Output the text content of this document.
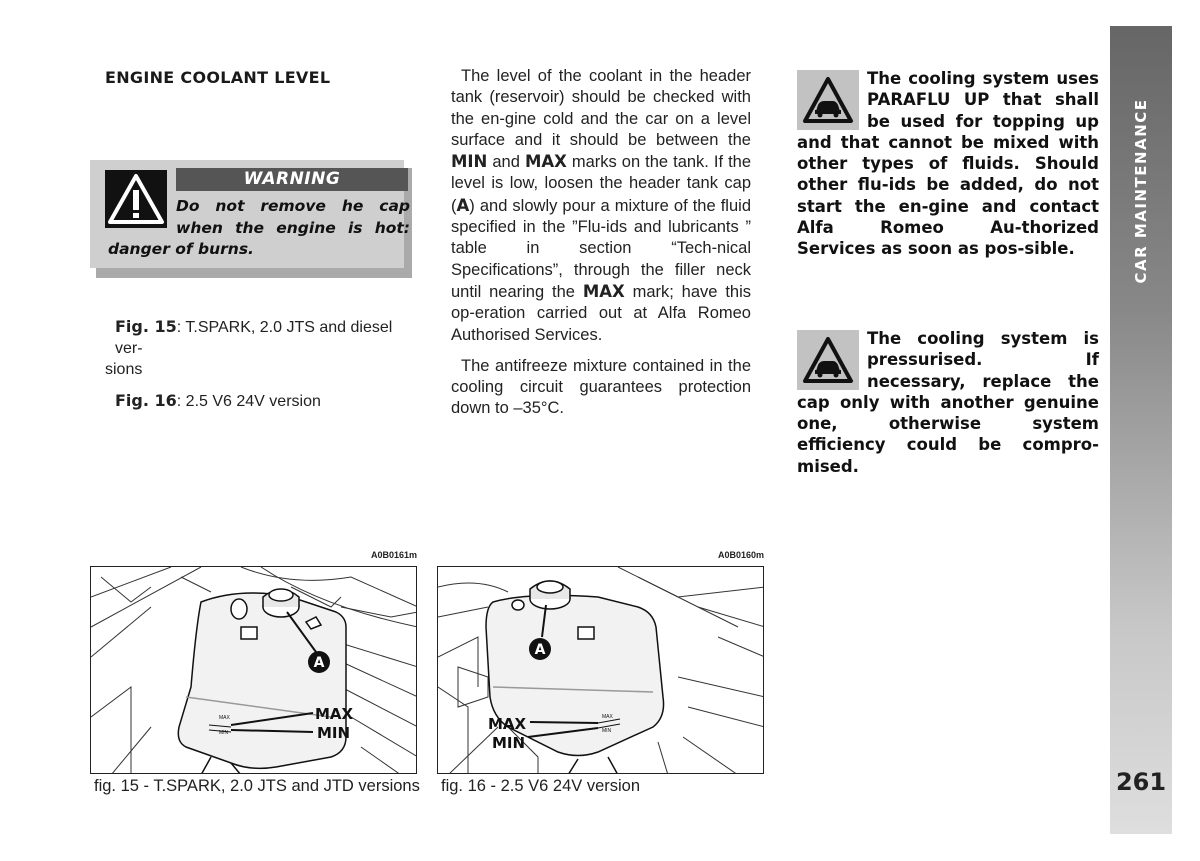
ENGINE COOLANT LEVEL
WARNING
Do not remove he cap
when the engine is hot:
danger of burns.

Fig. 15: T.SPARK, 2.0 JTS and diesel ver-
sions

Fig. 16: 2.5 V6 24V version

The level of the coolant in the header tank (reservoir) should be checked with the en-gine cold and the car on a level surface and it should be between the MIN and MAX marks on the tank. If the level is low, loosen the header tank cap (A) and slowly pour a mixture of the fluid specified in the ”Flu-ids and lubricants ” table in section “Tech-nical Specifications”, through the filler neck until nearing the MAX mark; have this op-eration carried out at Alfa Romeo Authorised Services.

The antifreeze mixture contained in the cooling circuit guarantees protection down to –35°C.

The cooling system uses PARAFLU UP that shall be used for topping up and that cannot be mixed with other types of fluids. Should other flu-ids be added, do not start the en-gine and contact Alfa Romeo Au-thorized Services as soon as pos-sible.
The cooling system is pressurised. If necessary, replace the cap only with another genuine one, otherwise system efficiency could be compro-mised.
A0B0161m
MAX
MIN
A
MAX
MIN
fig. 15 - T.SPARK, 2.0 JTS and JTD versions
A0B0160m
MAX
MIN
A
MAX
MIN
fig. 16 - 2.5 V6 24V version
CAR MAINTENANCE
261
